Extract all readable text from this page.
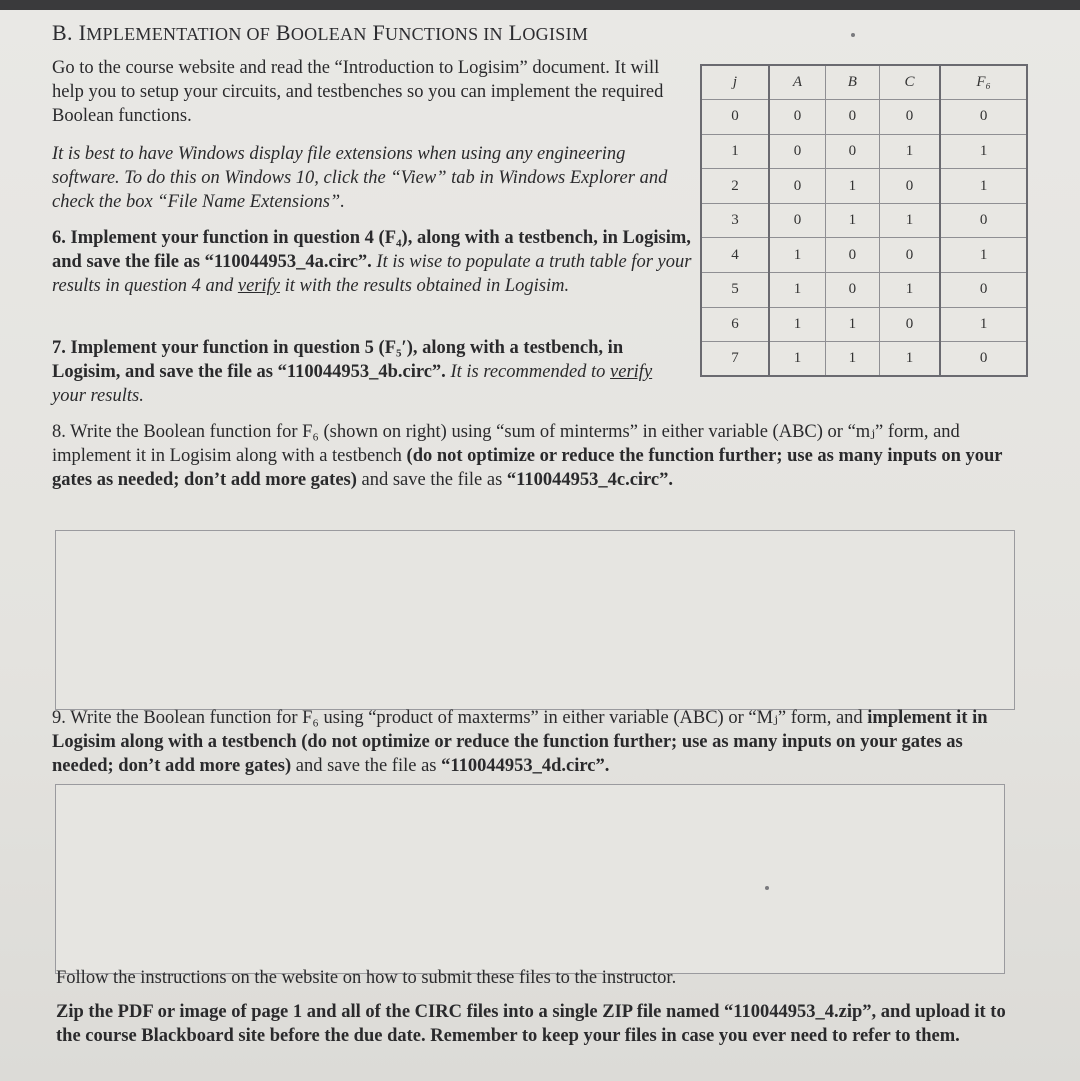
B. IMPLEMENTATION OF BOOLEAN FUNCTIONS IN LOGISIM
Go to the course website and read the “Introduction to Logisim” document. It will help you to setup your circuits, and testbenches so you can implement the required Boolean functions.
It is best to have Windows display file extensions when using any engineering software. To do this on Windows 10, click the “View” tab in Windows Explorer and check the box “File Name Extensions”.
6. Implement your function in question 4 (F₄), along with a testbench, in Logisim, and save the file as “110044953_4a.circ”. It is wise to populate a truth table for your results in question 4 and verify it with the results obtained in Logisim.
7. Implement your function in question 5 (F₅′), along with a testbench, in Logisim, and save the file as “110044953_4b.circ”. It is recommended to verify your results.
8. Write the Boolean function for F₆ (shown on right) using “sum of minterms” in either variable (ABC) or “mⱼ” form, and implement it in Logisim along with a testbench (do not optimize or reduce the function further; use as many inputs on your gates as needed; don’t add more gates) and save the file as “110044953_4c.circ”.
9. Write the Boolean function for F₆ using “product of maxterms” in either variable (ABC) or “Mⱼ” form, and implement it in Logisim along with a testbench (do not optimize or reduce the function further; use as many inputs on your gates as needed; don’t add more gates) and save the file as “110044953_4d.circ”.
Follow the instructions on the website on how to submit these files to the instructor.
Zip the PDF or image of page 1 and all of the CIRC files into a single ZIP file named “110044953_4.zip”, and upload it to the course Blackboard site before the due date. Remember to keep your files in case you ever need to refer to them.
j	A	B	C	F₆
0	0	0	0	0
1	0	0	1	1
2	0	1	0	1
3	0	1	1	0
4	1	0	0	1
5	1	0	1	0
6	1	1	0	1
7	1	1	1	0
